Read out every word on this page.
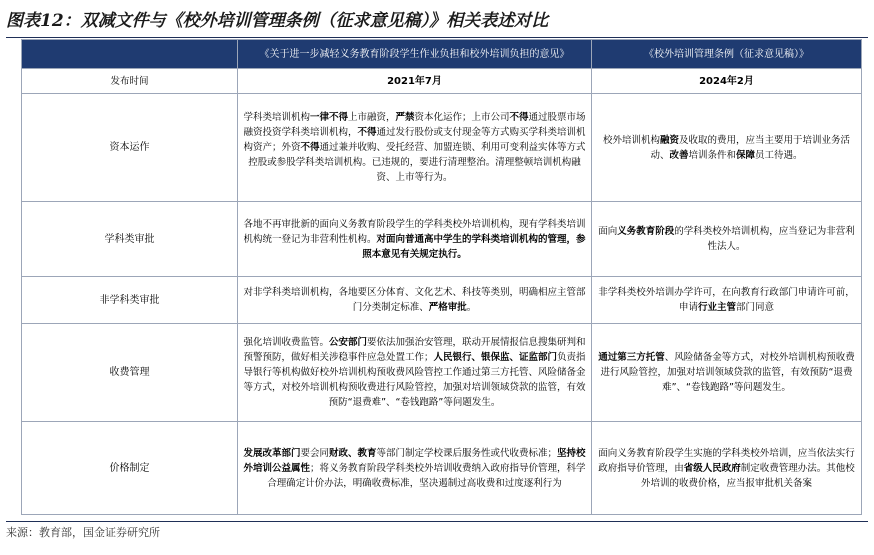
图表12：双减文件与《校外培训管理条例（征求意见稿）》相关表述对比
	《关于进一步减轻义务教育阶段学生作业负担和校外培训负担的意见》	《校外培训管理条例（征求意见稿）》
发布时间	2021年7月	2024年2月
资本运作	学科类培训机构一律不得上市融资，严禁资本化运作；上市公司不得通过股票市场融资投资学科类培训机构，不得通过发行股份或支付现金等方式购买学科类培训机构资产；外资不得通过兼并收购、受托经营、加盟连锁、利用可变利益实体等方式控股或参股学科类培训机构。已违规的，要进行清理整治。清理整顿培训机构融资、上市等行为。	校外培训机构融资及收取的费用，应当主要用于培训业务活动、改善培训条件和保障员工待遇。
学科类审批	各地不再审批新的面向义务教育阶段学生的学科类校外培训机构，现有学科类培训机构统一登记为非营利性机构。对面向普通高中学生的学科类培训机构的管理，参照本意见有关规定执行。	面向义务教育阶段的学科类校外培训机构，应当登记为非营利性法人。
非学科类审批	对非学科类培训机构，各地要区分体育、文化艺术、科技等类别，明确相应主管部门分类制定标准、严格审批。	非学科类校外培训办学许可，在向教育行政部门申请许可前，申请行业主管部门同意
收费管理	强化培训收费监管。公安部门要依法加强治安管理，联动开展情报信息搜集研判和预警预防，做好相关涉稳事件应急处置工作；人民银行、银保监、证监部门负责指导银行等机构做好校外培训机构预收费风险管控工作通过第三方托管、风险储备金等方式，对校外培训机构预收费进行风险管控，加强对培训领域贷款的监管，有效预防“退费难”、“卷钱跑路”等问题发生。	通过第三方托管、风险储备金等方式，对校外培训机构预收费进行风险管控，加强对培训领域贷款的监管，有效预防“退费难”、“卷钱跑路”等问题发生。
价格制定	发展改革部门要会同财政、教育等部门制定学校课后服务性或代收费标准；坚持校外培训公益属性；将义务教育阶段学科类校外培训收费纳入政府指导价管理，科学合理确定计价办法，明确收费标准，坚决遏制过高收费和过度逐利行为	面向义务教育阶段学生实施的学科类校外培训，应当依法实行政府指导价管理，由省级人民政府制定收费管理办法。其他校外培训的收费价格，应当报审批机关备案
来源：教育部，国金证券研究所
